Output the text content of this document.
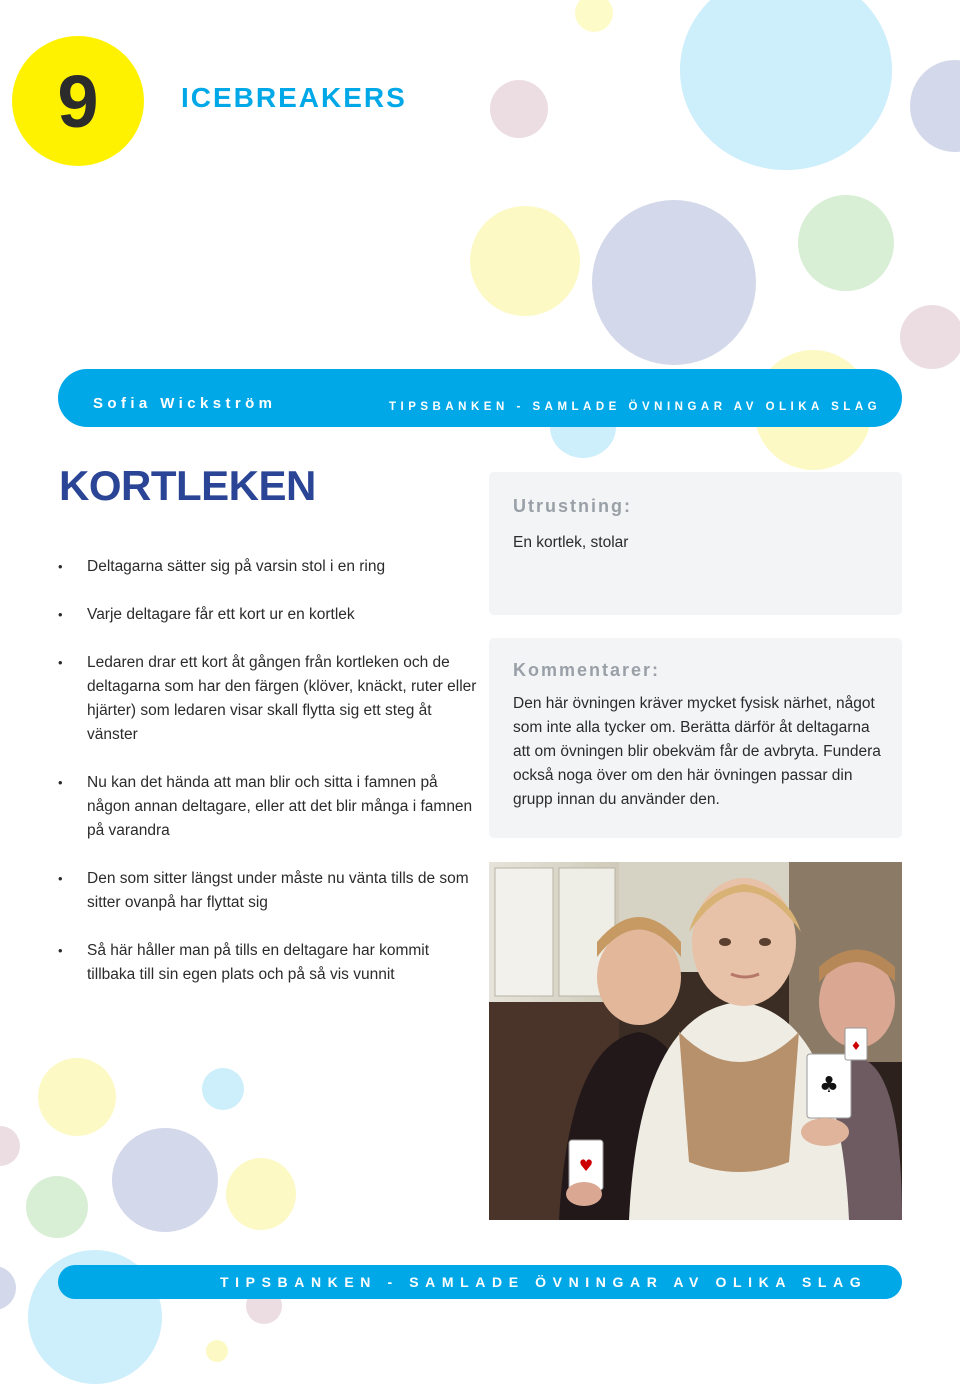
9	ICEBREAKERS
Sofia Wickström	TIPSBANKEN - SAMLADE ÖVNINGAR AV OLIKA SLAG
KORTLEKEN
• Deltagarna sätter sig på varsin stol i en ring
• Varje deltagare får ett kort ur en kortlek
• Ledaren drar ett kort åt gången från kortleken och de deltagarna som har den färgen (klöver, knäckt, ruter eller hjärter) som ledaren visar skall flytta sig ett steg åt vänster
• Nu kan det hända att man blir och sitta i famnen på någon annan deltagare, eller att det blir många i famnen på varandra
• Den som sitter längst under måste nu vänta tills de som sitter ovanpå har flyttat sig
• Så här håller man på tills en deltagare har kommit tillbaka till sin egen plats och på så vis vunnit
Utrustning:
En kortlek, stolar
Kommentarer:
Den här övningen kräver mycket fysisk närhet, något som inte alla tycker om. Berätta därför åt deltagarna att om övningen blir obekväm får de avbryta. Fundera också noga över om den här övningen passar din grupp innan du använder den.
♣
♦
♥
TIPSBANKEN - SAMLADE ÖVNINGAR AV OLIKA SLAG
